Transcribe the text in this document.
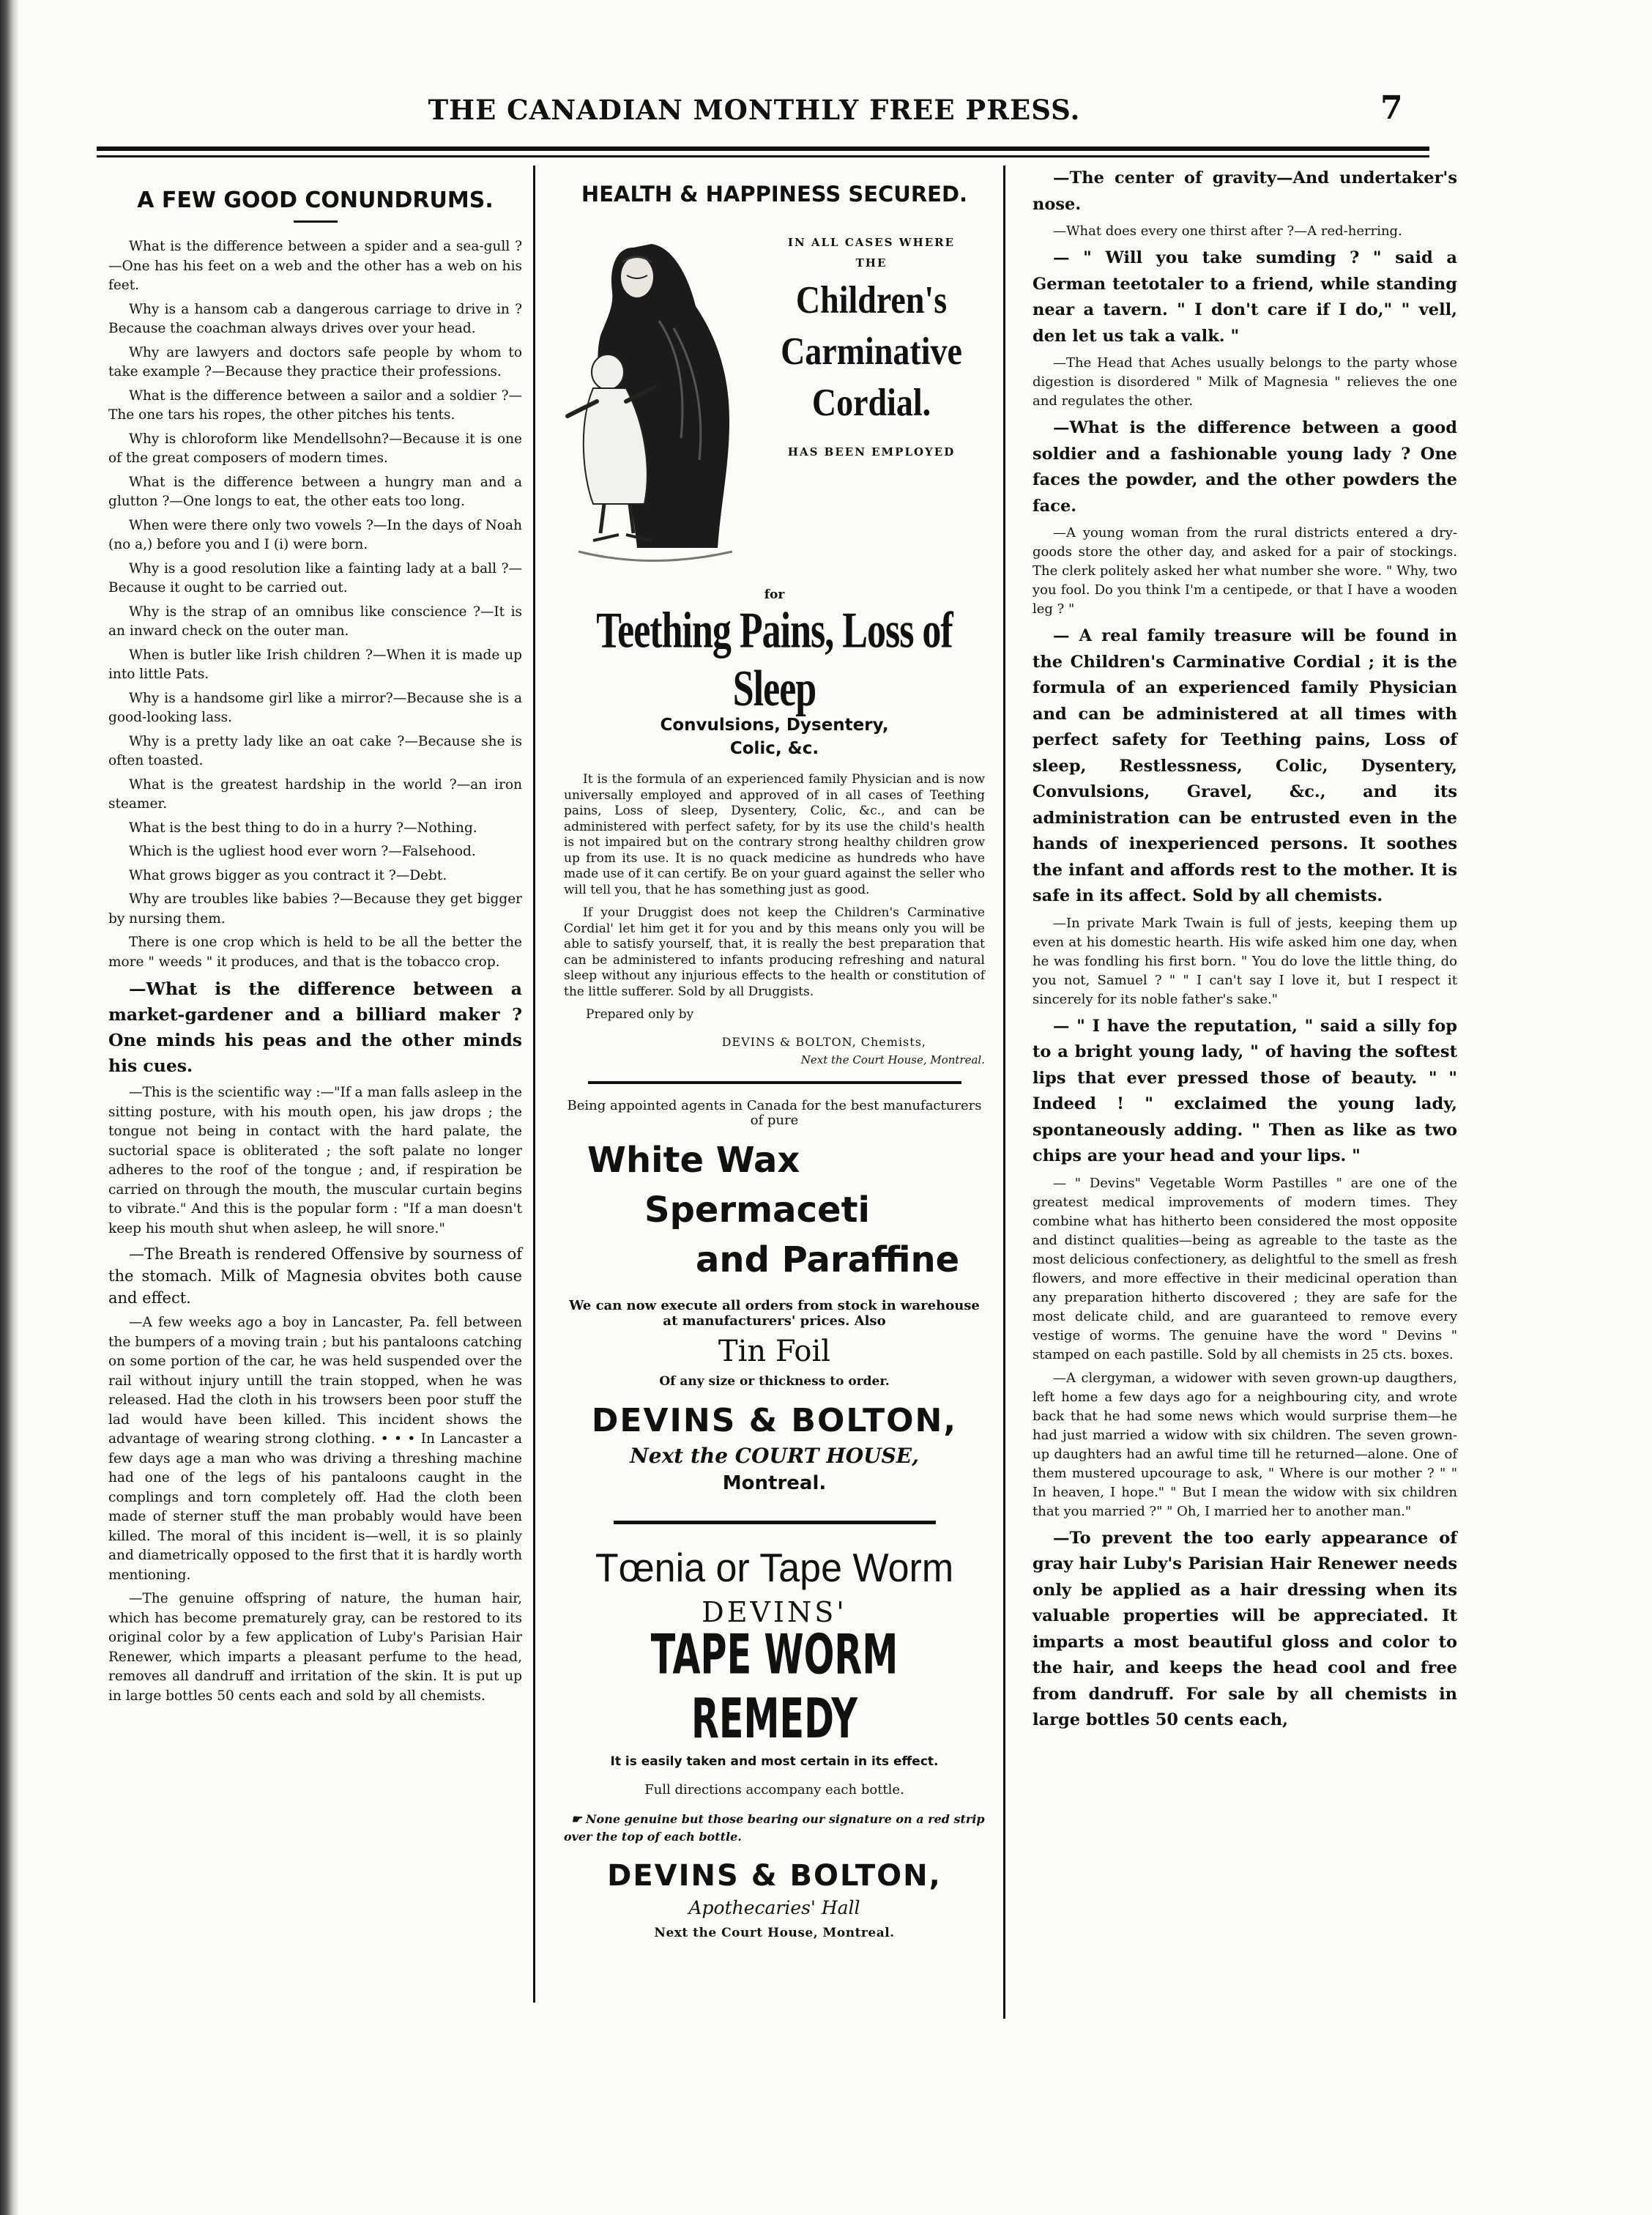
THE CANADIAN MONTHLY FREE PRESS.	7
A FEW GOOD CONUNDRUMS.

What is the difference between a spider and a sea-gull ?—One has his feet on a web and the other has a web on his feet.

Why is a hansom cab a dangerous carriage to drive in ? Because the coachman always drives over your head.

Why are lawyers and doctors safe people by whom to take example ?—Because they practice their professions.

What is the difference between a sailor and a soldier ?—The one tars his ropes, the other pitches his tents.

Why is chloroform like Mendellsohn?—Because it is one of the great composers of modern times.

What is the difference between a hungry man and a glutton ?—One longs to eat, the other eats too long.

When were there only two vowels ?—In the days of Noah (no a,) before you and I (i) were born.

Why is a good resolution like a fainting lady at a ball ?—Because it ought to be carried out.

Why is the strap of an omnibus like conscience ?—It is an inward check on the outer man.

When is butler like Irish children ?—When it is made up into little Pats.

Why is a handsome girl like a mirror?—Because she is a good-looking lass.

Why is a pretty lady like an oat cake ?—Because she is often toasted.

What is the greatest hardship in the world ?—an iron steamer.

What is the best thing to do in a hurry ?—Nothing.

Which is the ugliest hood ever worn ?—Falsehood.

What grows bigger as you contract it ?—Debt.

Why are troubles like babies ?—Because they get bigger by nursing them.

There is one crop which is held to be all the better the more " weeds " it produces, and that is the tobacco crop.

—What is the difference between a market-gardener and a billiard maker ? One minds his peas and the other minds his cues.

—This is the scientific way :—"If a man falls asleep in the sitting posture, with his mouth open, his jaw drops ; the tongue not being in contact with the hard palate, the suctorial space is obliterated ; the soft palate no longer adheres to the roof of the tongue ; and, if respiration be carried on through the mouth, the muscular curtain begins to vibrate." And this is the popular form : "If a man doesn't keep his mouth shut when asleep, he will snore."

—The Breath is rendered Offensive by sourness of the stomach. Milk of Magnesia obvites both cause and effect.

—A few weeks ago a boy in Lancaster, Pa. fell between the bumpers of a moving train ; but his pantaloons catching on some portion of the car, he was held suspended over the rail without injury untill the train stopped, when he was released. Had the cloth in his trowsers been poor stuff the lad would have been killed. This incident shows the advantage of wearing strong clothing. • • • In Lancaster a few days age a man who was driving a threshing machine had one of the legs of his pantaloons caught in the complings and torn completely off. Had the cloth been made of sterner stuff the man probably would have been killed. The moral of this incident is—well, it is so plainly and diametrically opposed to the first that it is hardly worth mentioning.

—The genuine offspring of nature, the human hair, which has become prematurely gray, can be restored to its original color by a few application of Luby's Parisian Hair Renewer, which imparts a pleasant perfume to the head, removes all dandruff and irritation of the skin. It is put up in large bottles 50 cents each and sold by all chemists.

HEALTH & HAPPINESS SECURED.
IN ALL CASES WHERE
THE
Children's
Carminative
Cordial.
HAS BEEN EMPLOYED
for
Teething Pains, Loss of Sleep
Convulsions, Dysentery,
Colic, &c.

It is the formula of an experienced family Physician and is now universally employed and approved of in all cases of Teething pains, Loss of sleep, Dysentery, Colic, &c., and can be administered with perfect safety, for by its use the child's health is not impaired but on the contrary strong healthy children grow up from its use. It is no quack medicine as hundreds who have made use of it can certify. Be on your guard against the seller who will tell you, that he has something just as good.

If your Druggist does not keep the Children's Carminative Cordial' let him get it for you and by this means only you will be able to satisfy yourself, that, it is really the best preparation that can be administered to infants producing refreshing and natural sleep without any injurious effects to the health or constitution of the little sufferer. Sold by all Druggists.

Prepared only by
DEVINS & BOLTON, Chemists,
Next the Court House, Montreal.
Being appointed agents in Canada for the best manufacturers of pure
White Wax
Spermaceti
and Paraffine
We can now execute all orders from stock in warehouse at manufacturers' prices. Also
Tin Foil
Of any size or thickness to order.
DEVINS & BOLTON,
Next the COURT HOUSE,
Montreal.
Tœnia or Tape Worm
DEVINS'
TAPE WORM REMEDY
It is easily taken and most certain in its effect.
Full directions accompany each bottle.
☛ None genuine but those bearing our signature on a red strip over the top of each bottle.
DEVINS & BOLTON,
Apothecaries' Hall
Next the Court House, Montreal.

—The center of gravity—And undertaker's nose.

—What does every one thirst after ?—A red-herring.

— " Will you take sumding ? " said a German teetotaler to a friend, while standing near a tavern. " I don't care if I do," " vell, den let us tak a valk. "

—The Head that Aches usually belongs to the party whose digestion is disordered " Milk of Magnesia " relieves the one and regulates the other.

—What is the difference between a good soldier and a fashionable young lady ? One faces the powder, and the other powders the face.

—A young woman from the rural districts entered a dry-goods store the other day, and asked for a pair of stockings. The clerk politely asked her what number she wore. " Why, two you fool. Do you think I'm a centipede, or that I have a wooden leg ? "

— A real family treasure will be found in the Children's Carminative Cordial ; it is the formula of an experienced family Physician and can be administered at all times with perfect safety for Teething pains, Loss of sleep, Restlessness, Colic, Dysentery, Convulsions, Gravel, &c., and its administration can be entrusted even in the hands of inexperienced persons. It soothes the infant and affords rest to the mother. It is safe in its affect. Sold by all chemists.

—In private Mark Twain is full of jests, keeping them up even at his domestic hearth. His wife asked him one day, when he was fondling his first born. " You do love the little thing, do you not, Samuel ? " " I can't say I love it, but I respect it sincerely for its noble father's sake."

— " I have the reputation, " said a silly fop to a bright young lady, " of having the softest lips that ever pressed those of beauty. " " Indeed ! " exclaimed the young lady, spontaneously adding. " Then as like as two chips are your head and your lips. "

— " Devins" Vegetable Worm Pastilles " are one of the greatest medical improvements of modern times. They combine what has hitherto been considered the most opposite and distinct qualities—being as agreable to the taste as the most delicious confectionery, as delightful to the smell as fresh flowers, and more effective in their medicinal operation than any preparation hitherto discovered ; they are safe for the most delicate child, and are guaranteed to remove every vestige of worms. The genuine have the word " Devins " stamped on each pastille. Sold by all chemists in 25 cts. boxes.

—A clergyman, a widower with seven grown-up daugthers, left home a few days ago for a neighbouring city, and wrote back that he had some news which would surprise them—he had just married a widow with six children. The seven grown-up daughters had an awful time till he returned—alone. One of them mustered upcourage to ask, " Where is our mother ? " " In heaven, I hope." " But I mean the widow with six children that you married ?" " Oh, I married her to another man."

—To prevent the too early appearance of gray hair Luby's Parisian Hair Renewer needs only be applied as a hair dressing when its valuable properties will be appreciated. It imparts a most beautiful gloss and color to the hair, and keeps the head cool and free from dandruff. For sale by all chemists in large bottles 50 cents each,
